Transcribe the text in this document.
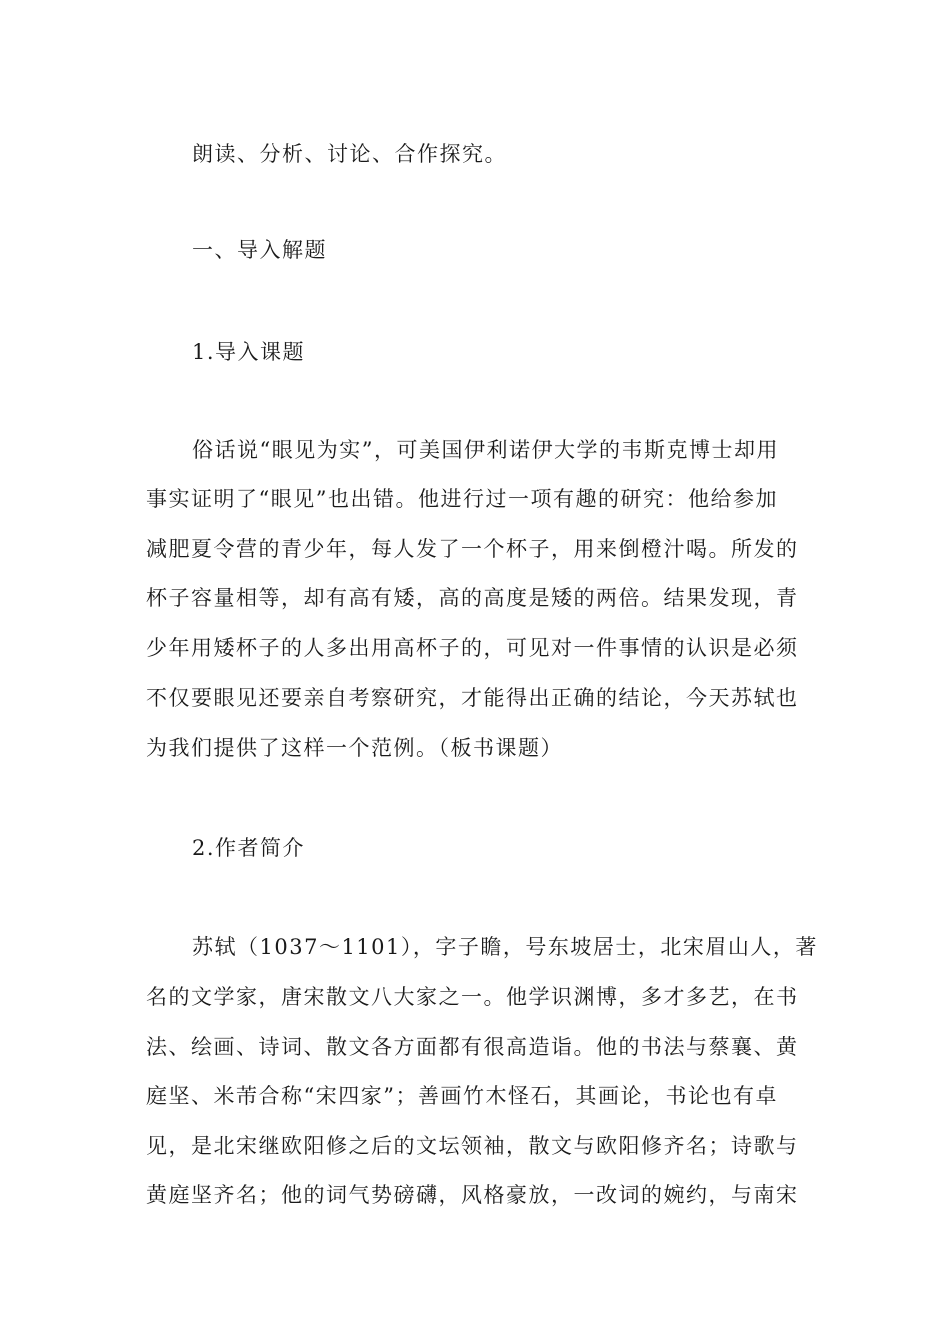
朗读、分析、讨论、合作探究。
一、导入解题
1.导入课题
俗话说“眼见为实”，可美国伊利诺伊大学的韦斯克博士却用
事实证明了“眼见”也出错。他进行过一项有趣的研究：他给参加
减肥夏令营的青少年，每人发了一个杯子，用来倒橙汁喝。所发的
杯子容量相等，却有高有矮，高的高度是矮的两倍。结果发现，青
少年用矮杯子的人多出用高杯子的，可见对一件事情的认识是必须
不仅要眼见还要亲自考察研究，才能得出正确的结论，今天苏轼也
为我们提供了这样一个范例。（板书课题）
2.作者简介
苏轼（1037～1101），字子瞻，号东坡居士，北宋眉山人，著
名的文学家，唐宋散文八大家之一。他学识渊博，多才多艺，在书
法、绘画、诗词、散文各方面都有很高造诣。他的书法与蔡襄、黄
庭坚、米芾合称“宋四家”；善画竹木怪石，其画论，书论也有卓
见，是北宋继欧阳修之后的文坛领袖，散文与欧阳修齐名；诗歌与
黄庭坚齐名；他的词气势磅礴，风格豪放，一改词的婉约，与南宋
